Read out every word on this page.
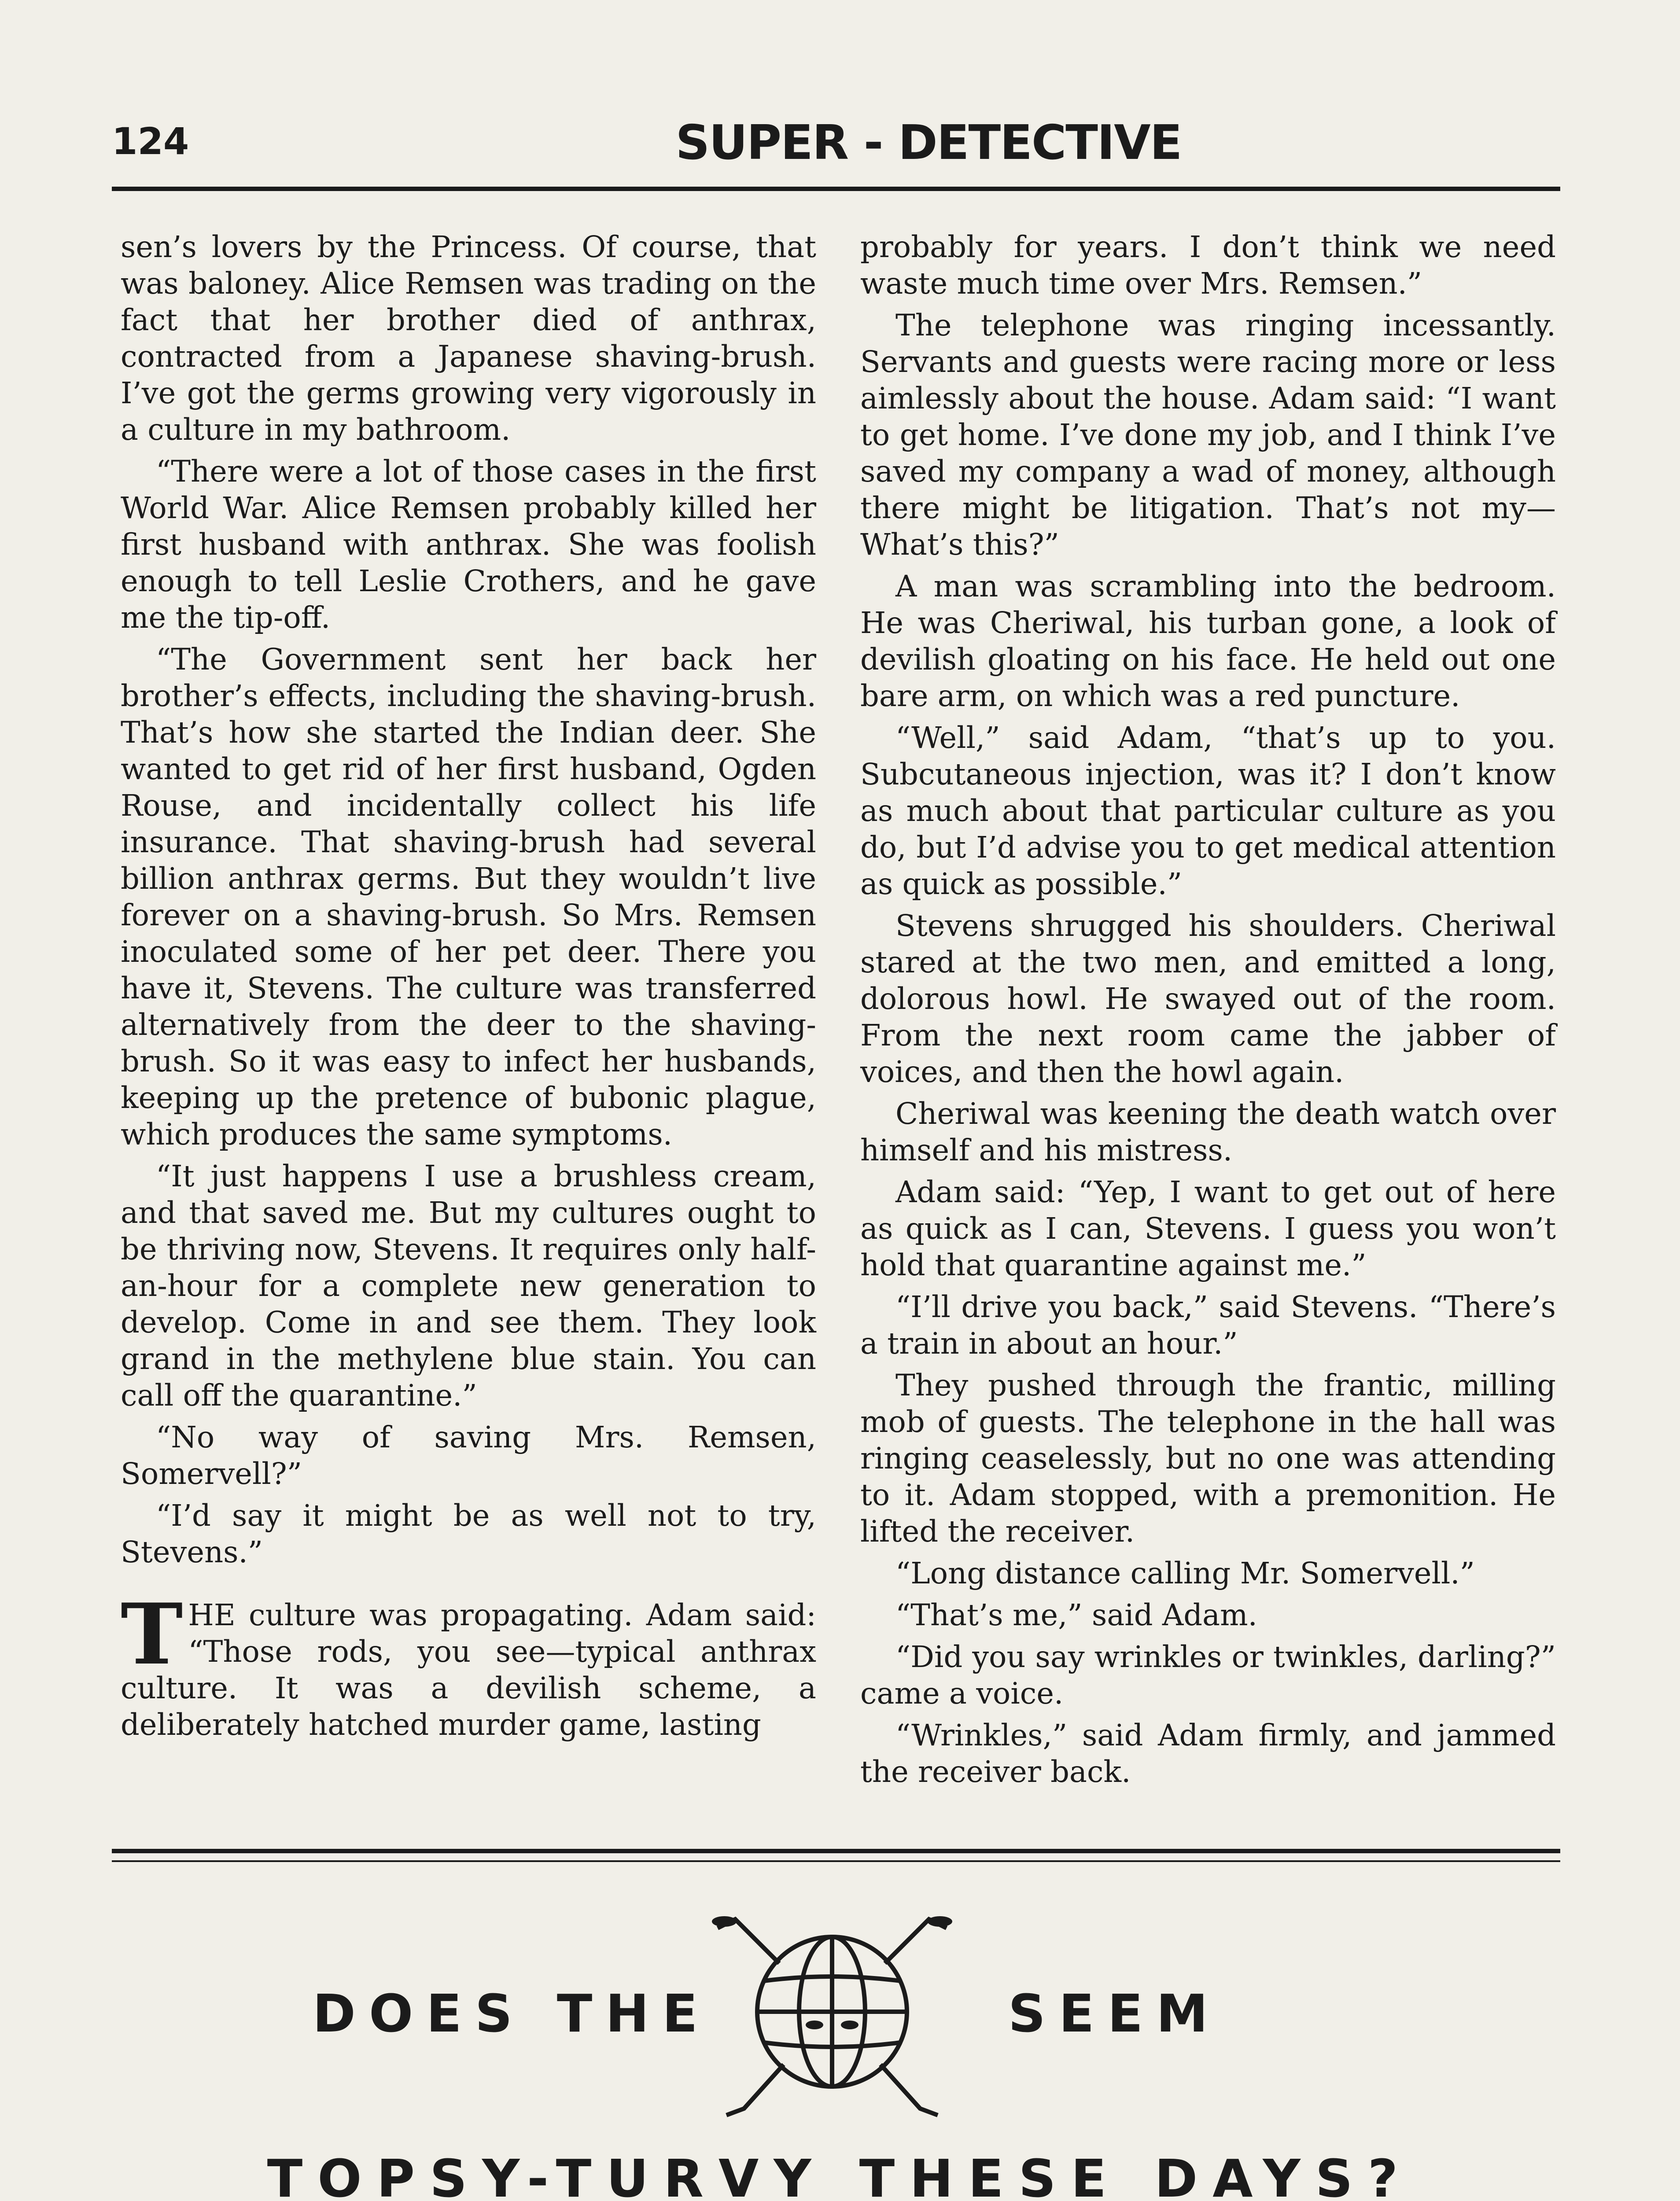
124	SUPER - DETECTIVE

sen’s lovers by the Princess. Of course, that was baloney. Alice Remsen was trading on the fact that her brother died of anthrax, contracted from a Japanese shaving-brush. I’ve got the germs growing very vigorously in a culture in my bathroom.

“There were a lot of those cases in the first World War. Alice Remsen probably killed her first husband with anthrax. She was foolish enough to tell Leslie Crothers, and he gave me the tip-off.

“The Government sent her back her brother’s effects, including the shaving-brush. That’s how she started the Indian deer. She wanted to get rid of her first husband, Ogden Rouse, and incidentally collect his life insurance. That shaving-brush had several billion anthrax germs. But they wouldn’t live forever on a shaving-brush. So Mrs. Remsen inoculated some of her pet deer. There you have it, Stevens. The culture was transferred alternatively from the deer to the shaving-brush. So it was easy to infect her husbands, keeping up the pretence of bubonic plague, which produces the same symptoms.

“It just happens I use a brushless cream, and that saved me. But my cultures ought to be thriving now, Stevens. It requires only half-an-hour for a complete new generation to develop. Come in and see them. They look grand in the methylene blue stain. You can call off the quarantine.”

“No way of saving Mrs. Remsen, Somervell?”

“I’d say it might be as well not to try, Stevens.”

THE culture was propagating. Adam said: “Those rods, you see—typical anthrax culture. It was a devilish scheme, a deliberately hatched murder game, lasting

probably for years. I don’t think we need waste much time over Mrs. Remsen.”

The telephone was ringing incessantly. Servants and guests were racing more or less aimlessly about the house. Adam said: “I want to get home. I’ve done my job, and I think I’ve saved my company a wad of money, although there might be litigation. That’s not my—What’s this?”

A man was scrambling into the bedroom. He was Cheriwal, his turban gone, a look of devilish gloating on his face. He held out one bare arm, on which was a red puncture.

“Well,” said Adam, “that’s up to you. Subcutaneous injection, was it? I don’t know as much about that particular culture as you do, but I’d advise you to get medical attention as quick as possible.”

Stevens shrugged his shoulders. Cheriwal stared at the two men, and emitted a long, dolorous howl. He swayed out of the room. From the next room came the jabber of voices, and then the howl again.

Cheriwal was keening the death watch over himself and his mistress.

Adam said: “Yep, I want to get out of here as quick as I can, Stevens. I guess you won’t hold that quarantine against me.”

“I’ll drive you back,” said Stevens. “There’s a train in about an hour.”

They pushed through the frantic, milling mob of guests. The telephone in the hall was ringing ceaselessly, but no one was attending to it. Adam stopped, with a premonition. He lifted the receiver.

“Long distance calling Mr. Somervell.”

“That’s me,” said Adam.

“Did you say wrinkles or twinkles, darling?” came a voice.

“Wrinkles,” said Adam firmly, and jammed the receiver back.

DOES THE	SEEM
TOPSY-TURVY THESE DAYS?
